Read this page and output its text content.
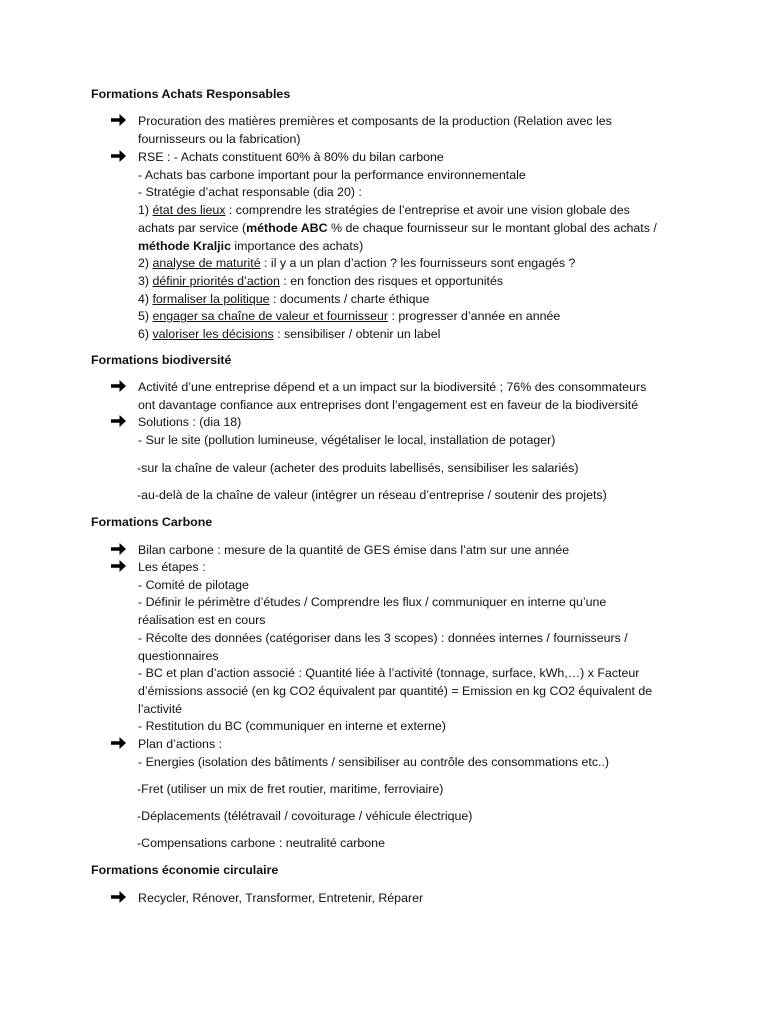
Formations Achats Responsables
Procuration des matières premières et composants de la production (Relation avec les
fournisseurs ou la fabrication)
RSE : - Achats constituent 60% à 80% du bilan carbone
- Achats bas carbone important pour la performance environnementale
- Stratégie d’achat responsable (dia 20) :
1) état des lieux : comprendre les stratégies de l’entreprise et avoir une vision globale des
achats par service (méthode ABC % de chaque fournisseur sur le montant global des achats /
méthode Kraljic importance des achats)
2) analyse de maturité : il y a un plan d’action ? les fournisseurs sont engagés ?
3) définir priorités d’action : en fonction des risques et opportunités
4) formaliser la politique : documents / charte éthique
5) engager sa chaîne de valeur et fournisseur : progresser d’année en année
6) valoriser les décisions : sensibiliser / obtenir un label
Formations biodiversité
Activité d’une entreprise dépend et a un impact sur la biodiversité ; 76% des consommateurs
ont davantage confiance aux entreprises dont l’engagement est en faveur de la biodiversité
Solutions : (dia 18)
- Sur le site (pollution lumineuse, végétaliser le local, installation de potager)
-sur la chaîne de valeur (acheter des produits labellisés, sensibiliser les salariés)
-au-delà de la chaîne de valeur (intégrer un réseau d’entreprise / soutenir des projets)
Formations Carbone
Bilan carbone : mesure de la quantité de GES émise dans l’atm sur une année
Les étapes :
- Comité de pilotage
- Définir le périmètre d’études / Comprendre les flux / communiquer en interne qu’une
réalisation est en cours
- Récolte des données (catégoriser dans les 3 scopes) : données internes / fournisseurs /
questionnaires
- BC et plan d’action associé : Quantité liée à l’activité (tonnage, surface, kWh,…) x Facteur
d’émissions associé (en kg CO2 équivalent par quantité) = Emission en kg CO2 équivalent de
l’activité
- Restitution du BC (communiquer en interne et externe)
Plan d’actions :
- Energies (isolation des bâtiments / sensibiliser au contrôle des consommations etc..)
-Fret (utiliser un mix de fret routier, maritime, ferroviaire)
-Déplacements (télétravail / covoiturage / véhicule électrique)
-Compensations carbone : neutralité carbone
Formations économie circulaire
Recycler, Rénover, Transformer, Entretenir, Réparer
